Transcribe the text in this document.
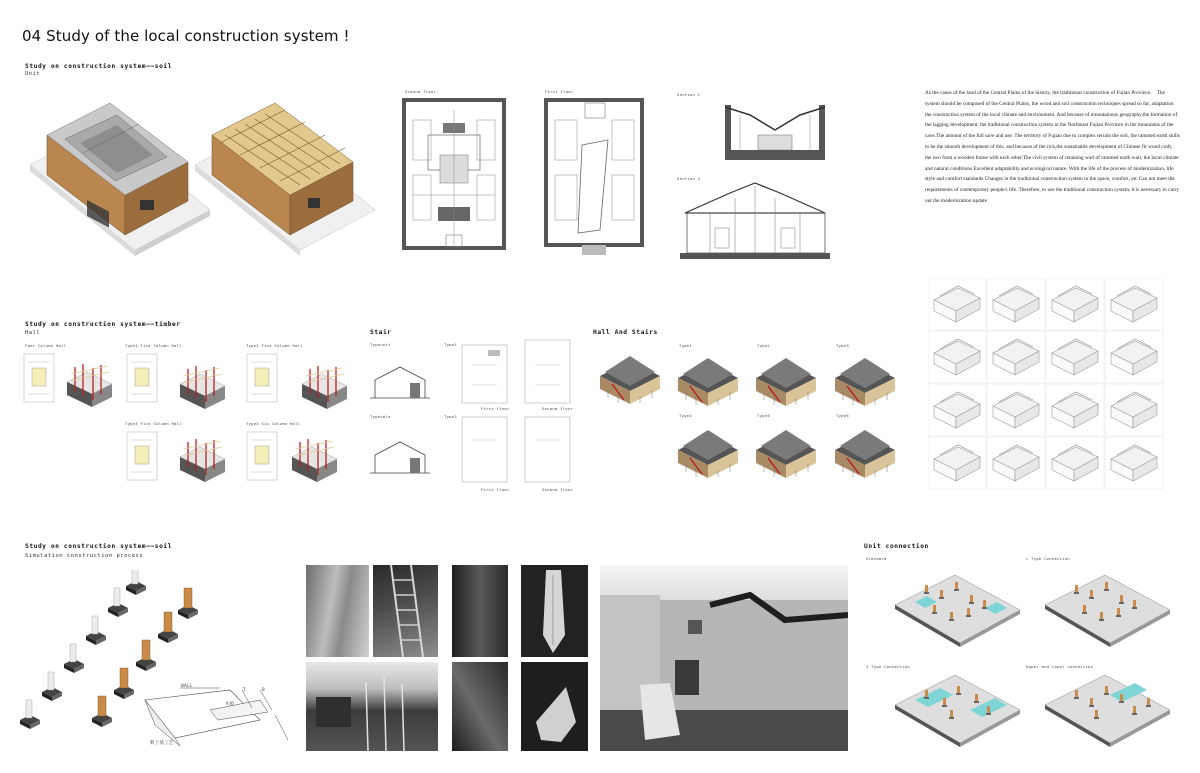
04 Study of the local construction system !
Study on construction system——soil
Unit
Ground floor	First floor
Section 1
Section 2
As the cause of the land of the Central Plains of the history, the traditional construction of Fujian Province． The system should be composed of the Central Plains, the wood and soil construction techniques spread so far, adaptation the construction system of the local climate and environment. And because of mountainous geography,the formation of the lagging development, the traditional construction system in the Northeast Fujian Province in the mountains of the cave.The amount of the full save and use. The territory of Fujian due to complex terrain the soil, the rammed earth skills to be the smooth development of this, and because of the rich,the sustainable development of Chinese fir wood craft, the two form a wooden frame with each other.The civil system of retaining wall of rammed earth wall, the local climate and natural conditions.Excellent adaptability and ecological nature. With the life of the process of modernization, life style and comfort standards Changes in the traditional construction system in the space, comfort, etc.Can not meet the requirements of contemporary people's life. Therefore, to use the traditional construction system, it is necessary to carry out the modernization update
Study on construction system——timber
Hall
Four Column Hall	Type1 Five Column Hall	Type2 Five Column Hall
Type3 Five Column Hall	Type4 Six Column Hall
Stair
Typeunit	Type1
Typehole	Type2
First floor	Second floor
First floor	Second floor
Hall And Stairs
Type1	Type2	Type3
Type4	Type5	Type6
Study on construction system——soil
Simulation construction process
WALL
T	B
木板
夥土墙工艺
Unit connection
Standard	L Type Connection
I Type Connection	Upper and lower connection
